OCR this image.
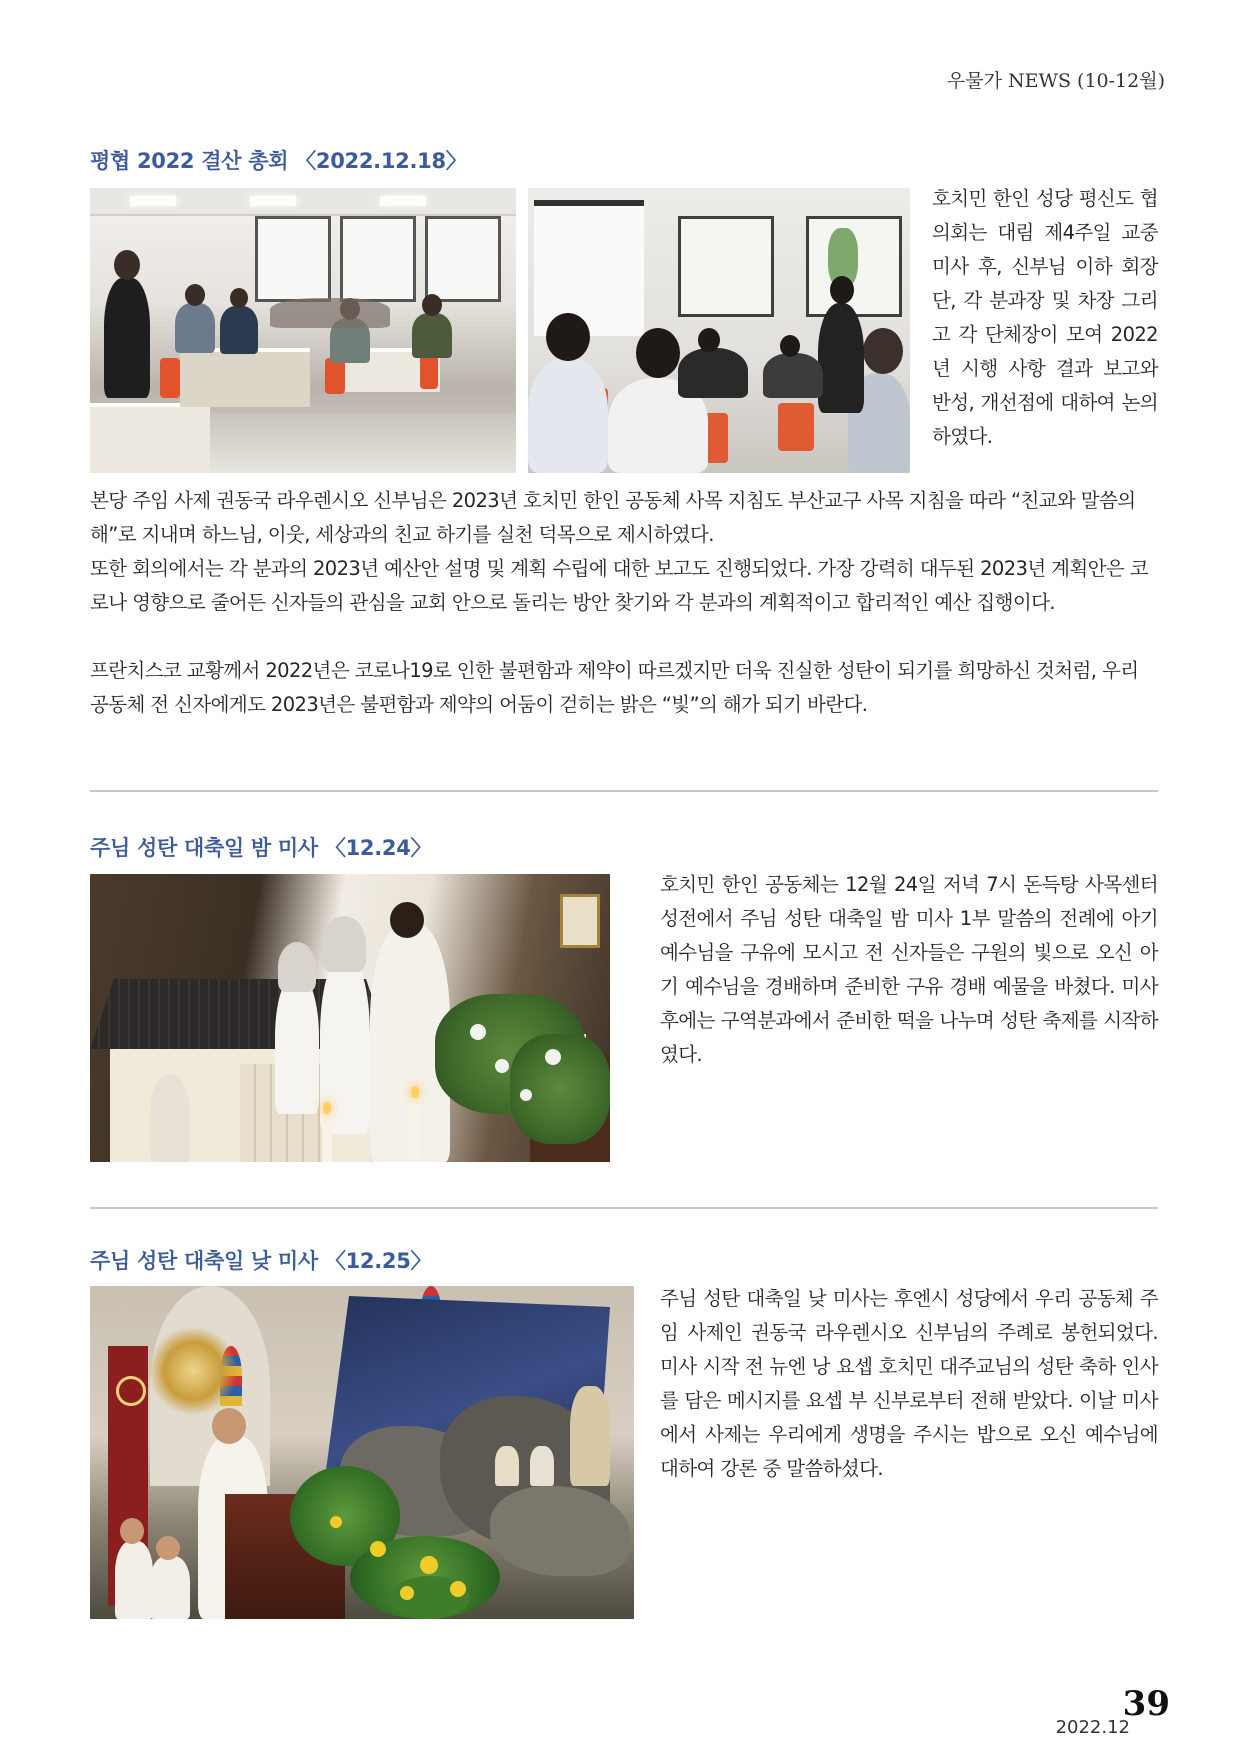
우물가 NEWS (10-12월)
평협 2022 결산 총회 〈2022.12.18〉
호치민 한인 성당 평신도 협의회는 대림 제4주일 교중미사 후, 신부님 이하 회장단, 각 분과장 및 차장 그리고 각 단체장이 모여 2022년 시행 사항 결과 보고와 반성, 개선점에 대하여 논의 하였다.

본당 주임 사제 권동국 라우렌시오 신부님은 2023년 호치민 한인 공동체 사목 지침도 부산교구 사목 지침을 따라 “친교와 말씀의 해”로 지내며 하느님, 이웃, 세상과의 친교 하기를 실천 덕목으로 제시하였다.

또한 회의에서는 각 분과의 2023년 예산안 설명 및 계획 수립에 대한 보고도 진행되었다. 가장 강력히 대두된 2023년 계획안은 코로나 영향으로 줄어든 신자들의 관심을 교회 안으로 돌리는 방안 찾기와 각 분과의 계획적이고 합리적인 예산 집행이다.

프란치스코 교황께서 2022년은 코로나19로 인한 불편함과 제약이 따르겠지만 더욱 진실한 성탄이 되기를 희망하신 것처럼, 우리 공동체 전 신자에게도 2023년은 불편함과 제약의 어둠이 걷히는 밝은 “빛”의 해가 되기 바란다.

주님 성탄 대축일 밤 미사 〈12.24〉
호치민 한인 공동체는 12월 24일 저녁 7시 돈득탕 사목센터 성전에서 주님 성탄 대축일 밤 미사 1부 말씀의 전례에 아기 예수님을 구유에 모시고 전 신자들은 구원의 빛으로 오신 아기 예수님을 경배하며 준비한 구유 경배 예물을 바쳤다. 미사 후에는 구역분과에서 준비한 떡을 나누며 성탄 축제를 시작하였다.
주님 성탄 대축일 낮 미사 〈12.25〉
주님 성탄 대축일 낮 미사는 후엔시 성당에서 우리 공동체 주임 사제인 권동국 라우렌시오 신부님의 주례로 봉헌되었다. 미사 시작 전 뉴엔 낭 요셉 호치민 대주교님의 성탄 축하 인사를 담은 메시지를 요셉 부 신부로부터 전해 받았다. 이날 미사에서 사제는 우리에게 생명을 주시는 밥으로 오신 예수님에 대하여 강론 중 말씀하셨다.
2022.12
39
